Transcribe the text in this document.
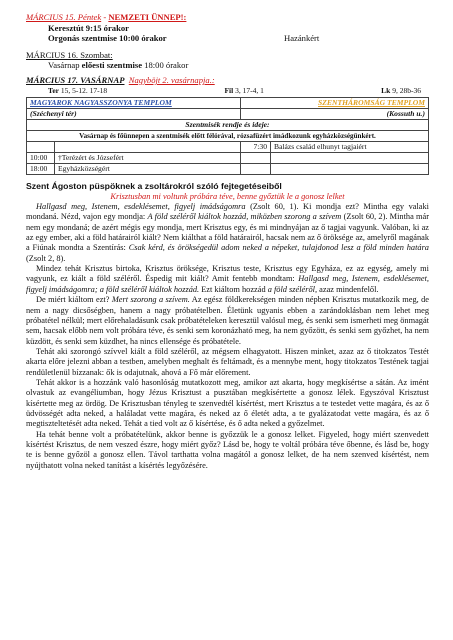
MÁRCIUS 15. Péntek - NEMZETI ÜNNEP!:
Keresztút 9:15 órakor
Orgonás szentmise 10:00 órakor	Hazánkért
MÁRCIUS 16. Szombat:
Vasárnap előesti szentmise 18:00 órakor
MÁRCIUS 17. VASÁRNAP Nagyböjt 2. vasárnapja.:
Ter 15, 5-12. 17-18	Fil 3, 17-4, 1	Lk 9, 28b-36
MAGYAROK NAGYASSZONYA TEMPLOM		SZENTHÁROMSÁG TEMPLOM	
(Széchenyi tér)		(Kossuth u.)	
Szentmisék rendje és ideje:			
Vasárnap és főünnepen a szentmisék előtt félórával, rózsafüzért imádkozunk egyházközségünkért.			
		7:30	Balázs család elhunyt tagjaiért
10:00	†Terézért és Józsefért		
18:00	Egyházközségért		
Szent Ágoston püspöknek a zsoltárokról szóló fejtegetéseiből
Krisztusban mi voltunk próbára téve, benne győztük le a gonosz lelket

Hallgasd meg, Istenem, esdeklésemet, figyelj imádságomra (Zsolt 60, 1). Ki mondja ezt? Mintha egy valaki mondaná. Nézd, vajon egy mondja: A föld széléről kiáltok hozzád, miközben szorong a szívem (Zsolt 60, 2). Mintha már nem egy mondaná; de azért mégis egy mondja, mert Krisztus egy, és mi mindnyájan az ő tagjai vagyunk. Valóban, ki az az egy ember, aki a föld határairól kiált? Nem kiálthat a föld határairól, hacsak nem az ő öröksége az, amelyről magának a Fiúnak mondta a Szentírás: Csak kérd, és örökségedül adom neked a népeket, tulajdonod lesz a föld minden határa (Zsolt 2, 8).

Mindez tehát Krisztus birtoka, Krisztus öröksége, Krisztus teste, Krisztus egy Egyháza, ez az egység, amely mi vagyunk, ez kiált a föld széléről. Éspedig mit kiált? Amit fentebb mondtam: Hallgasd meg, Istenem, esdeklésemet, figyelj imádságomra; a föld széléről kiáltok hozzád. Ezt kiáltom hozzád a föld széléről, azaz mindenfelől.

De miért kiáltom ezt? Mert szorong a szívem. Az egész földkerekségen minden népben Krisztus mutatkozik meg, de nem a nagy dicsőségben, hanem a nagy próbatételben. Életünk ugyanis ebben a zarándoklásban nem lehet meg próbatétel nélkül; mert előrehaladásunk csak próbatételeken keresztül valósul meg, és senki sem ismerheti meg önmagát sem, hacsak előbb nem volt próbára téve, és senki sem koronázható meg, ha nem győzött, és senki sem győzhet, ha nem küzdött, és senki sem küzdhet, ha nincs ellensége és próbatétele.

Tehát aki szorongó szívvel kiált a föld széléről, az mégsem elhagyatott. Hiszen minket, azaz az ő titokzatos Testét akarta előre jelezni abban a testben, amelyben meghalt és feltámadt, és a mennybe ment, hogy titokzatos Testének tagjai rendületlenül bízzanak: ők is odajutnak, ahová a Fő már előrement.

Tehát akkor is a hozzánk való hasonlóság mutatkozott meg, amikor azt akarta, hogy megkísértse a sátán. Az imént olvastuk az evangéliumban, hogy Jézus Krisztust a pusztában megkísértette a gonosz lélek. Egyszóval Krisztust kísértette meg az ördög. De Krisztusban tényleg te szenvedtél kísértést, mert Krisztus a te testedet vette magára, és az ő üdvösségét adta neked, a haláladat vette magára, és neked az ő életét adta, a te gyalázatodat vette magára, és az ő megtiszteltetését adta neked. Tehát a tied volt az ő kísértése, és ő adta neked a győzelmet.

Ha tehát benne volt a próbatételünk, akkor benne is győzzük le a gonosz lelket. Figyeled, hogy miért szenvedett kísértést Krisztus, de nem veszed észre, hogy miért győz? Lásd be, hogy te voltál próbára téve őbenne, és lásd be, hogy te is benne győzöl a gonosz ellen. Távol tarthatta volna magától a gonosz lelket, de ha nem szenved kísértést, nem nyújthatott volna neked tanítást a kísértés legyőzésére.
